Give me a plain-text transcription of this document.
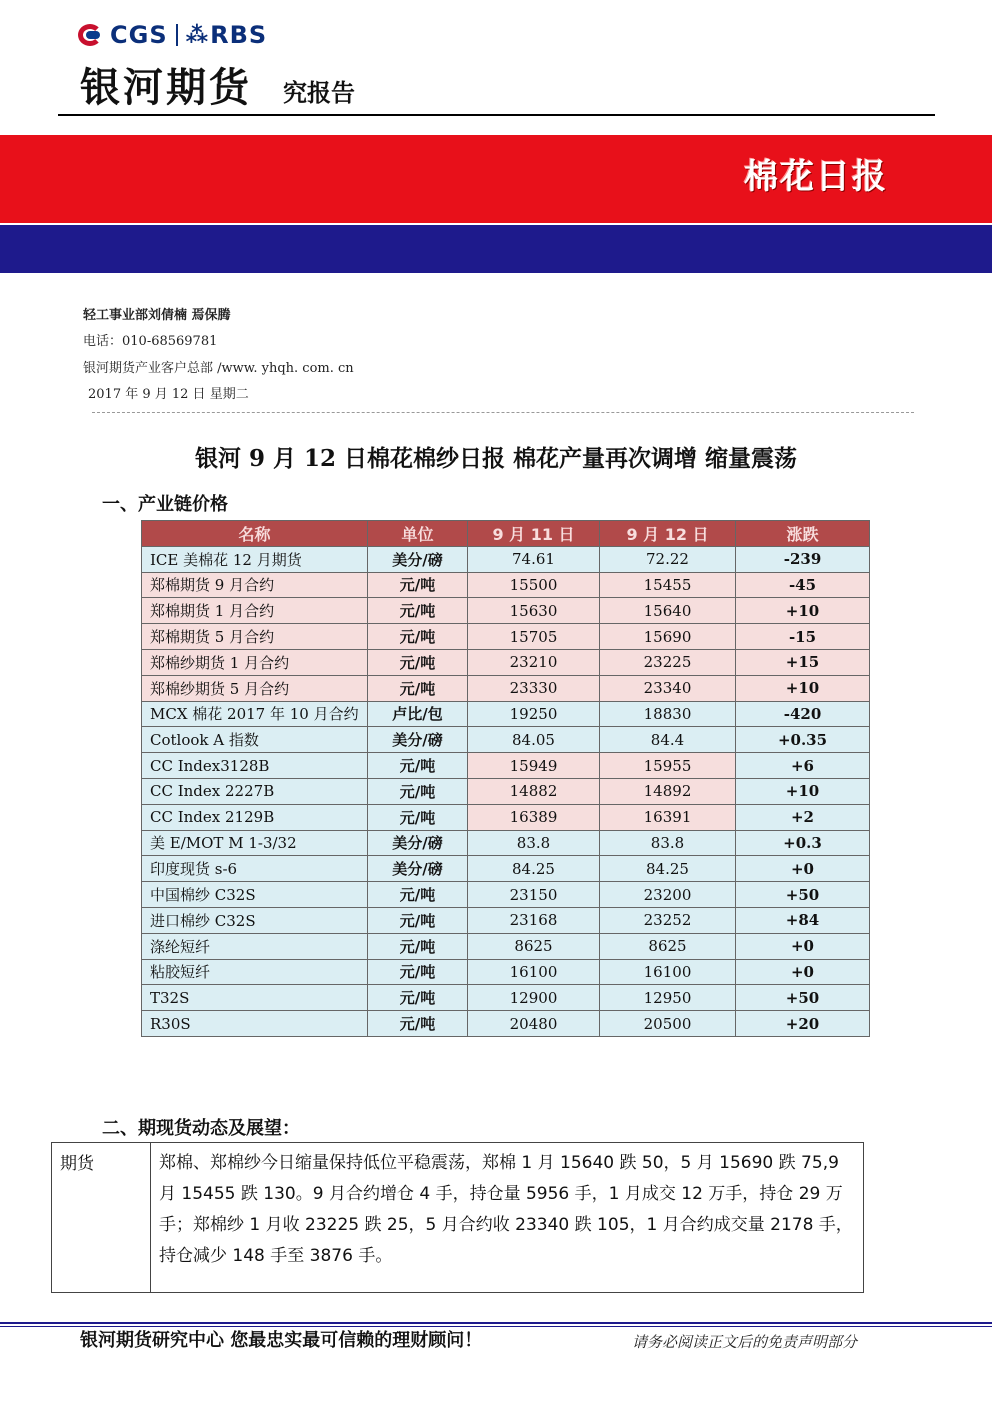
CGS ⁂ RBS
银河期货 究报告
棉花日报
轻工事业部刘倩楠 焉保腾
电话：010-68569781
银河期货产业客户总部 /www. yhqh. com. cn
2017 年 9 月 12 日 星期二
银河 9 月 12 日棉花棉纱日报 棉花产量再次调增 缩量震荡
一、产业链价格
名称	单位	9 月 11 日	9 月 12 日	涨跌
ICE 美棉花 12 月期货	美分/磅	74.61	72.22	-239
郑棉期货 9 月合约	元/吨	15500	15455	-45
郑棉期货 1 月合约	元/吨	15630	15640	+10
郑棉期货 5 月合约	元/吨	15705	15690	-15
郑棉纱期货 1 月合约	元/吨	23210	23225	+15
郑棉纱期货 5 月合约	元/吨	23330	23340	+10
MCX 棉花 2017 年 10 月合约	卢比/包	19250	18830	-420
Cotlook A 指数	美分/磅	84.05	84.4	+0.35
CC Index3128B	元/吨	15949	15955	+6
CC Index 2227B	元/吨	14882	14892	+10
CC Index 2129B	元/吨	16389	16391	+2
美 E/MOT M 1-3/32	美分/磅	83.8	83.8	+0.3
印度现货 s-6	美分/磅	84.25	84.25	+0
中国棉纱 C32S	元/吨	23150	23200	+50
进口棉纱 C32S	元/吨	23168	23252	+84
涤纶短纤	元/吨	8625	8625	+0
粘胶短纤	元/吨	16100	16100	+0
T32S	元/吨	12900	12950	+50
R30S	元/吨	20480	20500	+20
二、期现货动态及展望：
期货	郑棉、郑棉纱今日缩量保持低位平稳震荡，郑棉 1 月 15640 跌 50，5 月 15690 跌 75,9 月 15455 跌 130。9 月合约增仓 4 手，持仓量 5956 手，1 月成交 12 万手，持仓 29 万手；郑棉纱 1 月收 23225 跌 25，5 月合约收 23340 跌 105，1 月合约成交量 2178 手，持仓减少 148 手至 3876 手。
银河期货研究中心 您最忠实最可信赖的理财顾问！	请务必阅读正文后的免责声明部分
